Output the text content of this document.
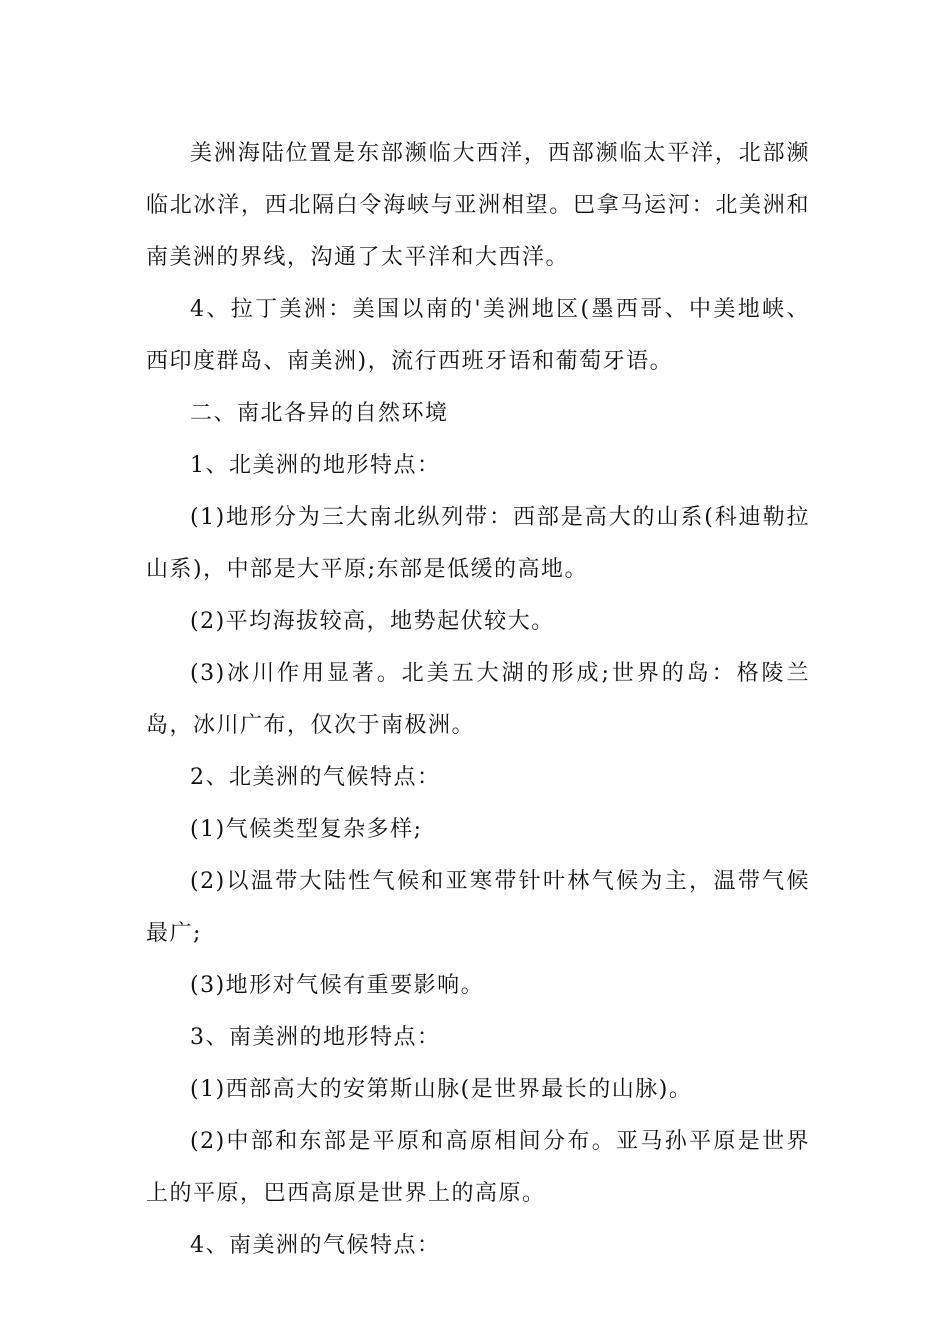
美洲海陆位置是东部濒临大西洋，西部濒临太平洋，北部濒临北冰洋，西北隔白令海峡与亚洲相望。巴拿马运河：北美洲和南美洲的界线，沟通了太平洋和大西洋。

4、拉丁美洲：美国以南的'美洲地区(墨西哥、中美地峡、西印度群岛、南美洲)，流行西班牙语和葡萄牙语。

二、南北各异的自然环境

1、北美洲的地形特点：

(1)地形分为三大南北纵列带：西部是高大的山系(科迪勒拉山系)，中部是大平原;东部是低缓的高地。

(2)平均海拔较高，地势起伏较大。

(3)冰川作用显著。北美五大湖的形成;世界的岛：格陵兰岛，冰川广布，仅次于南极洲。

2、北美洲的气候特点：

(1)气候类型复杂多样;

(2)以温带大陆性气候和亚寒带针叶林气候为主，温带气候最广;

(3)地形对气候有重要影响。

3、南美洲的地形特点：

(1)西部高大的安第斯山脉(是世界最长的山脉)。

(2)中部和东部是平原和高原相间分布。亚马孙平原是世界上的平原，巴西高原是世界上的高原。

4、南美洲的气候特点：
